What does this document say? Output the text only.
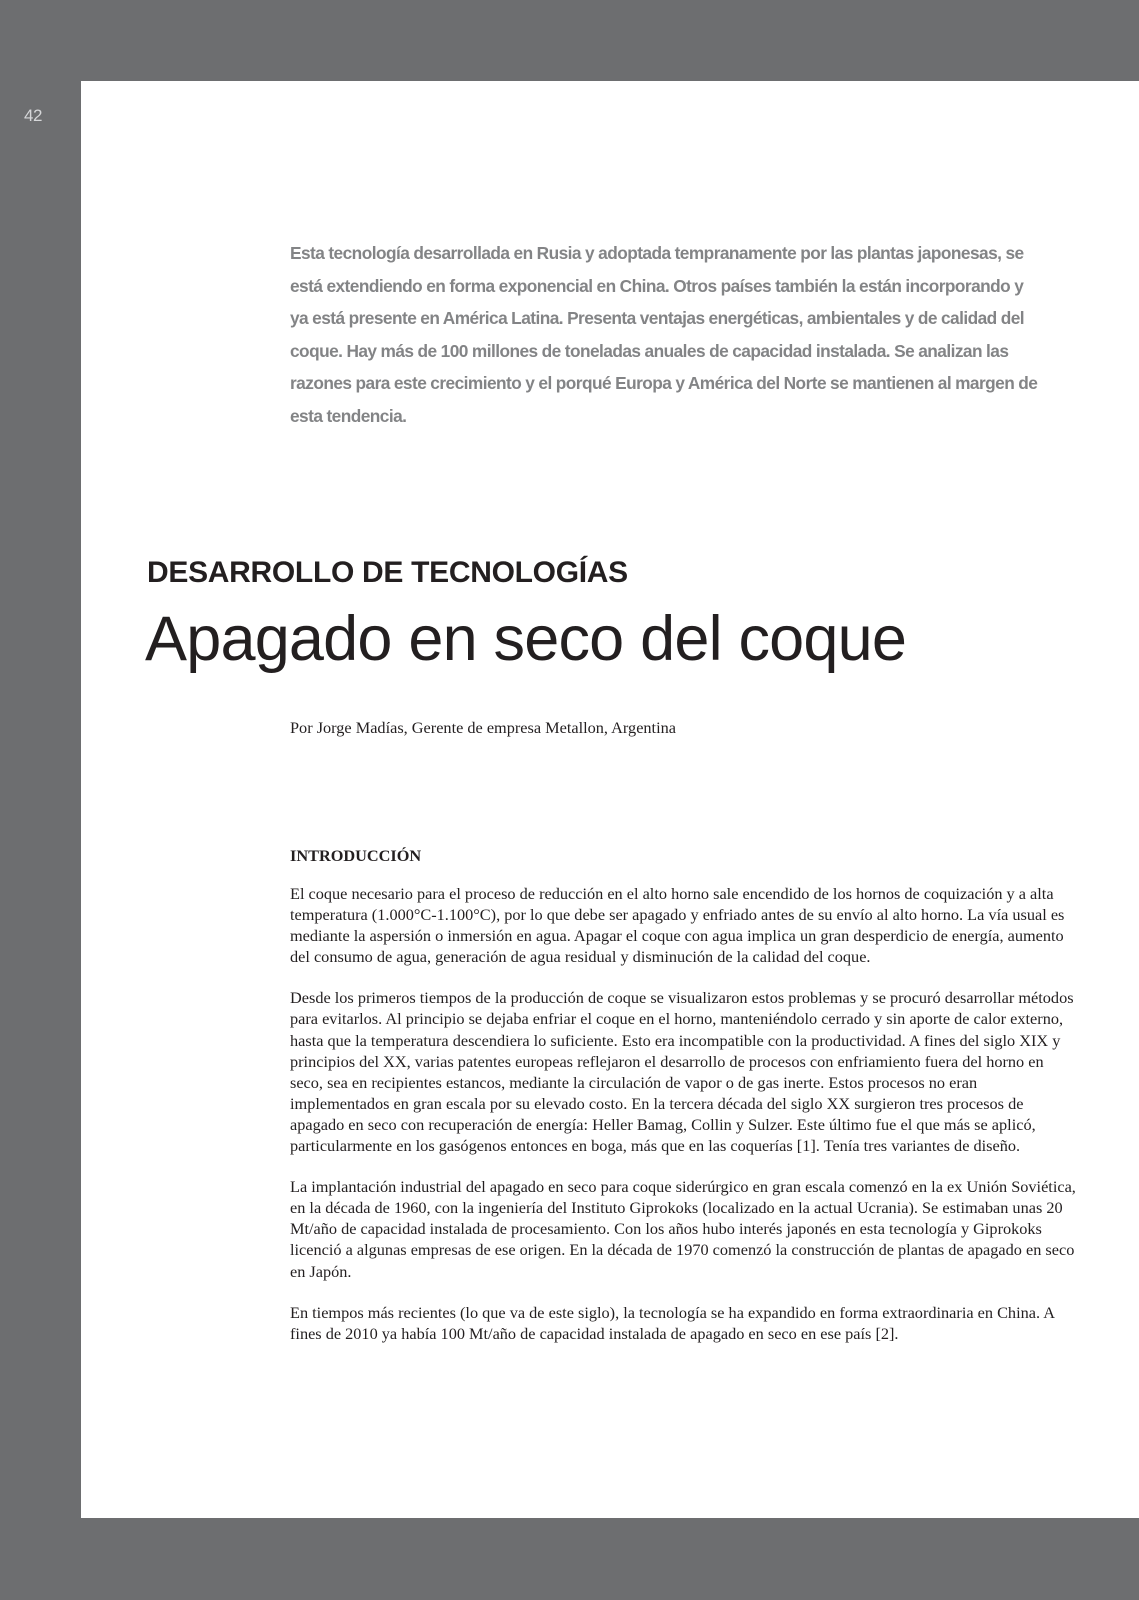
42

Esta tecnología desarrollada en Rusia y adoptada tempranamente por las plantas japonesas, se está extendiendo en forma exponencial en China. Otros países también la están incorporando y ya está presente en América Latina. Presenta ventajas energéticas, ambientales y de calidad del coque. Hay más de 100 millones de toneladas anuales de capacidad instalada. Se analizan las razones para este crecimiento y el porqué Europa y América del Norte se mantienen al margen de esta tendencia.

DESARROLLO DE TECNOLOGÍAS
Apagado en seco del coque

Por Jorge Madías, Gerente de empresa Metallon, Argentina

INTRODUCCIÓN

El coque necesario para el proceso de reducción en el alto horno sale encendido de los hornos de coquización y a alta temperatura (1.000°C-1.100°C), por lo que debe ser apagado y enfriado antes de su envío al alto horno. La vía usual es mediante la aspersión o inmersión en agua. Apagar el coque con agua implica un gran desperdicio de energía, aumento del consumo de agua, generación de agua residual y disminución de la calidad del coque.

Desde los primeros tiempos de la producción de coque se visualizaron estos problemas y se procuró desarrollar métodos para evitarlos. Al principio se dejaba enfriar el coque en el horno, manteniéndolo cerrado y sin aporte de calor externo, hasta que la temperatura descendiera lo suficiente. Esto era incompatible con la productividad. A fines del siglo XIX y principios del XX, varias patentes europeas reflejaron el desarrollo de procesos con enfriamiento fuera del horno en seco, sea en recipientes estancos, mediante la circulación de vapor o de gas inerte. Estos procesos no eran implementados en gran escala por su elevado costo. En la tercera década del siglo XX surgieron tres procesos de apagado en seco con recuperación de energía: Heller Bamag, Collin y Sulzer. Este último fue el que más se aplicó, particularmente en los gasógenos entonces en boga, más que en las coquerías [1]. Tenía tres variantes de diseño.

La implantación industrial del apagado en seco para coque siderúrgico en gran escala comenzó en la ex Unión Soviética, en la década de 1960, con la ingeniería del Instituto Giprokoks (localizado en la actual Ucrania). Se estimaban unas 20 Mt/año de capacidad instalada de procesamiento. Con los años hubo interés japonés en esta tecnología y Giprokoks licenció a algunas empresas de ese origen. En la década de 1970 comenzó la construcción de plantas de apagado en seco en Japón.

En tiempos más recientes (lo que va de este siglo), la tecnología se ha expandido en forma extraordinaria en China. A fines de 2010 ya había 100 Mt/año de capacidad instalada de apagado en seco en ese país [2].
